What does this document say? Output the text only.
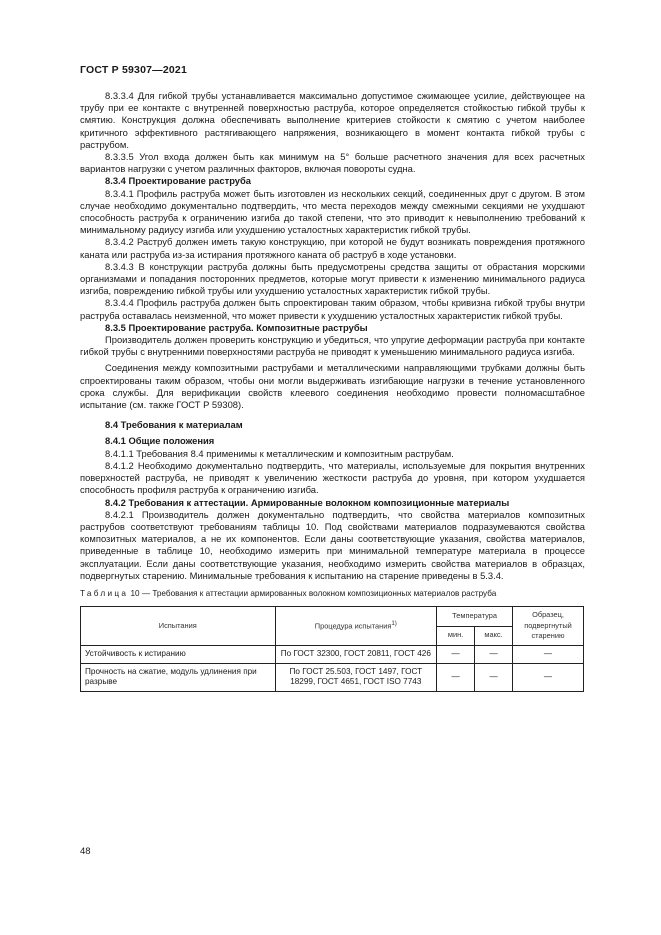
ГОСТ Р 59307—2021

8.3.3.4 Для гибкой трубы устанавливается максимально допустимое сжимающее усилие, действующее на трубу при ее контакте с внутренней поверхностью раструба, которое определяется стойкостью гибкой трубы к смятию. Конструкция должна обеспечивать выполнение критериев стойкости к смятию с учетом наиболее критичного эффективного растягивающего напряжения, возникающего в момент контакта гибкой трубы с раструбом.

8.3.3.5 Угол входа должен быть как минимум на 5° больше расчетного значения для всех расчетных вариантов нагрузки с учетом различных факторов, включая повороты судна.

8.3.4 Проектирование раструба

8.3.4.1 Профиль раструба может быть изготовлен из нескольких секций, соединенных друг с другом. В этом случае необходимо документально подтвердить, что места переходов между смежными секциями не ухудшают способность раструба к ограничению изгиба до такой степени, что это приводит к невыполнению требований к минимальному радиусу изгиба или ухудшению усталостных характеристик гибкой трубы.

8.3.4.2 Раструб должен иметь такую конструкцию, при которой не будут возникать повреждения протяжного каната или раструба из-за истирания протяжного каната об раструб в ходе установки.

8.3.4.3 В конструкции раструба должны быть предусмотрены средства защиты от обрастания морскими организмами и попадания посторонних предметов, которые могут привести к изменению минимального радиуса изгиба, повреждению гибкой трубы или ухудшению усталостных характеристик гибкой трубы.

8.3.4.4 Профиль раструба должен быть спроектирован таким образом, чтобы кривизна гибкой трубы внутри раструба оставалась неизменной, что может привести к ухудшению усталостных характеристик гибкой трубы.

8.3.5 Проектирование раструба. Композитные раструбы

Производитель должен проверить конструкцию и убедиться, что упругие деформации раструба при контакте гибкой трубы с внутренними поверхностями раструба не приводят к уменьшению минимального радиуса изгиба.

Соединения между композитными раструбами и металлическими направляющими трубками должны быть спроектированы таким образом, чтобы они могли выдерживать изгибающие нагрузки в течение установленного срока службы. Для верификации свойств клеевого соединения необходимо провести полномасштабное испытание (см. также ГОСТ Р 59308).

8.4 Требования к материалам

8.4.1 Общие положения

8.4.1.1 Требования 8.4 применимы к металлическим и композитным раструбам.

8.4.1.2 Необходимо документально подтвердить, что материалы, используемые для покрытия внутренних поверхностей раструба, не приводят к увеличению жесткости раструба до уровня, при котором ухудшается способность профиля раструба к ограничению изгиба.

8.4.2 Требования к аттестации. Армированные волокном композиционные материалы

8.4.2.1 Производитель должен документально подтвердить, что свойства материалов композитных раструбов соответствуют требованиям таблицы 10. Под свойствами материалов подразумеваются свойства композитных материалов, а не их компонентов. Если даны соответствующие указания, свойства материалов, приведенные в таблице 10, необходимо измерить при минимальной температуре материала в процессе эксплуатации. Если даны соответствующие указания, необходимо измерить свойства материалов в образцах, подвергнутых старению. Минимальные требования к испытанию на старение приведены в 5.3.4.

Таблица 10 — Требования к аттестации армированных волокном композиционных материалов раструба
Испытания	Процедура испытания$^{1)}$	Температура		Образец, подвергнутый старению
		мин.	макс.	
Устойчивость к истиранию	По ГОСТ 32300, ГОСТ 20811, ГОСТ 426	—	—	—
Прочность на сжатие, модуль удлинения при разрыве	По ГОСТ 25.503, ГОСТ 1497, ГОСТ 18299, ГОСТ 4651, ГОСТ ISO 7743	—	—	—
48
